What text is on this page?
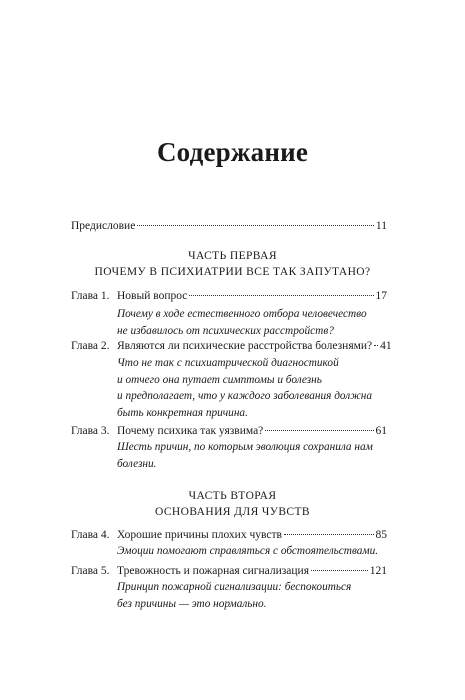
Содержание
Предисловие	11
ЧАСТЬ ПЕРВАЯ
ПОЧЕМУ В ПСИХИАТРИИ ВСЕ ТАК ЗАПУТАНО?
Глава 1. Новый вопрос	17
Почему в ходе естественного отбора человечество
не избавилось от психических расстройств?
Глава 2. Являются ли психические расстройства болезнями? 41
Что не так с психиатрической диагностикой
и отчего она путает симптомы и болезнь
и предполагает, что у каждого заболевания должна
быть конкретная причина.
Глава 3. Почему психика так уязвима?	61
Шесть причин, по которым эволюция сохранила нам
болезни.
ЧАСТЬ ВТОРАЯ
ОСНОВАНИЯ ДЛЯ ЧУВСТВ
Глава 4. Хорошие причины плохих чувств	85
Эмоции помогают справляться с обстоятельствами.
Глава 5. Тревожность и пожарная сигнализация	121
Принцип пожарной сигнализации: беспокоиться
без причины — это нормально.
